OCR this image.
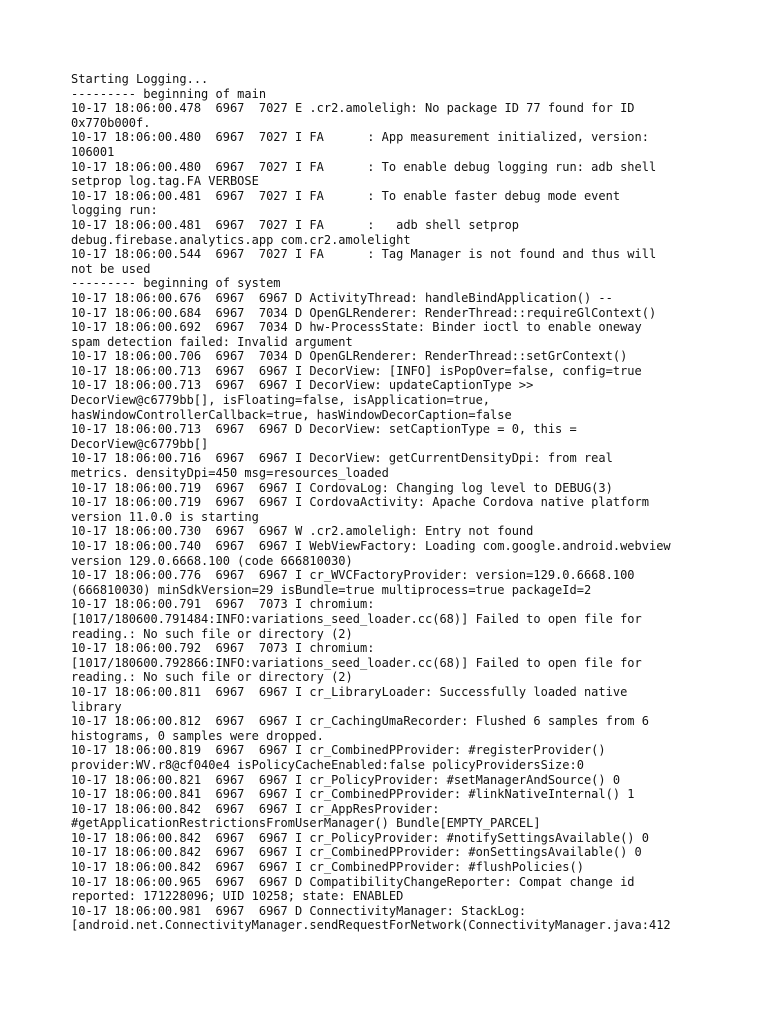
Starting Logging...
--------- beginning of main
10-17 18:06:00.478  6967  7027 E .cr2.amoleligh: No package ID 77 found for ID
0x770b000f.
10-17 18:06:00.480  6967  7027 I FA      : App measurement initialized, version:
106001
10-17 18:06:00.480  6967  7027 I FA      : To enable debug logging run: adb shell
setprop log.tag.FA VERBOSE
10-17 18:06:00.481  6967  7027 I FA      : To enable faster debug mode event
logging run:
10-17 18:06:00.481  6967  7027 I FA      :   adb shell setprop
debug.firebase.analytics.app com.cr2.amolelight
10-17 18:06:00.544  6967  7027 I FA      : Tag Manager is not found and thus will
not be used
--------- beginning of system
10-17 18:06:00.676  6967  6967 D ActivityThread: handleBindApplication() --
10-17 18:06:00.684  6967  7034 D OpenGLRenderer: RenderThread::requireGlContext()
10-17 18:06:00.692  6967  7034 D hw-ProcessState: Binder ioctl to enable oneway
spam detection failed: Invalid argument
10-17 18:06:00.706  6967  7034 D OpenGLRenderer: RenderThread::setGrContext()
10-17 18:06:00.713  6967  6967 I DecorView: [INFO] isPopOver=false, config=true
10-17 18:06:00.713  6967  6967 I DecorView: updateCaptionType >>
DecorView@c6779bb[], isFloating=false, isApplication=true,
hasWindowControllerCallback=true, hasWindowDecorCaption=false
10-17 18:06:00.713  6967  6967 D DecorView: setCaptionType = 0, this =
DecorView@c6779bb[]
10-17 18:06:00.716  6967  6967 I DecorView: getCurrentDensityDpi: from real
metrics. densityDpi=450 msg=resources_loaded
10-17 18:06:00.719  6967  6967 I CordovaLog: Changing log level to DEBUG(3)
10-17 18:06:00.719  6967  6967 I CordovaActivity: Apache Cordova native platform
version 11.0.0 is starting
10-17 18:06:00.730  6967  6967 W .cr2.amoleligh: Entry not found
10-17 18:06:00.740  6967  6967 I WebViewFactory: Loading com.google.android.webview
version 129.0.6668.100 (code 666810030)
10-17 18:06:00.776  6967  6967 I cr_WVCFactoryProvider: version=129.0.6668.100
(666810030) minSdkVersion=29 isBundle=true multiprocess=true packageId=2
10-17 18:06:00.791  6967  7073 I chromium:
[1017/180600.791484:INFO:variations_seed_loader.cc(68)] Failed to open file for
reading.: No such file or directory (2)
10-17 18:06:00.792  6967  7073 I chromium:
[1017/180600.792866:INFO:variations_seed_loader.cc(68)] Failed to open file for
reading.: No such file or directory (2)
10-17 18:06:00.811  6967  6967 I cr_LibraryLoader: Successfully loaded native
library
10-17 18:06:00.812  6967  6967 I cr_CachingUmaRecorder: Flushed 6 samples from 6
histograms, 0 samples were dropped.
10-17 18:06:00.819  6967  6967 I cr_CombinedPProvider: #registerProvider()
provider:WV.r8@cf040e4 isPolicyCacheEnabled:false policyProvidersSize:0
10-17 18:06:00.821  6967  6967 I cr_PolicyProvider: #setManagerAndSource() 0
10-17 18:06:00.841  6967  6967 I cr_CombinedPProvider: #linkNativeInternal() 1
10-17 18:06:00.842  6967  6967 I cr_AppResProvider:
#getApplicationRestrictionsFromUserManager() Bundle[EMPTY_PARCEL]
10-17 18:06:00.842  6967  6967 I cr_PolicyProvider: #notifySettingsAvailable() 0
10-17 18:06:00.842  6967  6967 I cr_CombinedPProvider: #onSettingsAvailable() 0
10-17 18:06:00.842  6967  6967 I cr_CombinedPProvider: #flushPolicies()
10-17 18:06:00.965  6967  6967 D CompatibilityChangeReporter: Compat change id
reported: 171228096; UID 10258; state: ENABLED
10-17 18:06:00.981  6967  6967 D ConnectivityManager: StackLog:
[android.net.ConnectivityManager.sendRequestForNetwork(ConnectivityManager.java:412
